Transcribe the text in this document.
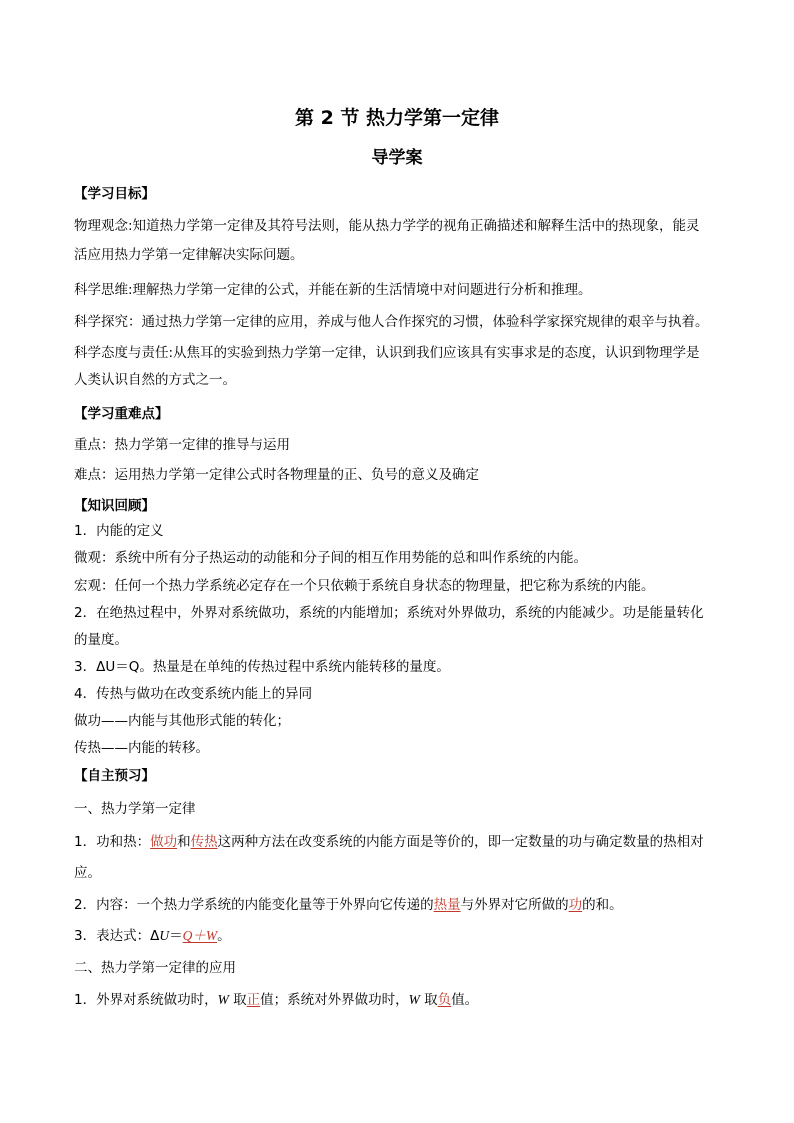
第 2 节 热力学第一定律
导学案
【学习目标】
物理观念:知道热力学第一定律及其符号法则，能从热力学学的视角正确描述和解释生活中的热现象，能灵
活应用热力学第一定律解决实际问题。
科学思维:理解热力学第一定律的公式，并能在新的生活情境中对问题进行分析和推理。
科学探究：通过热力学第一定律的应用，养成与他人合作探究的习惯，体验科学家探究规律的艰辛与执着。
科学态度与责任:从焦耳的实验到热力学第一定律，认识到我们应该具有实事求是的态度，认识到物理学是
人类认识自然的方式之一。
【学习重难点】
重点：热力学第一定律的推导与运用
难点：运用热力学第一定律公式时各物理量的正、负号的意义及确定
【知识回顾】
1．内能的定义
微观：系统中所有分子热运动的动能和分子间的相互作用势能的总和叫作系统的内能。
宏观：任何一个热力学系统必定存在一个只依赖于系统自身状态的物理量，把它称为系统的内能。
2．在绝热过程中，外界对系统做功，系统的内能增加；系统对外界做功，系统的内能减少。功是能量转化
的量度。
3．ΔU＝Q。热量是在单纯的传热过程中系统内能转移的量度。
4．传热与做功在改变系统内能上的异同
做功——内能与其他形式能的转化；
传热——内能的转移。
【自主预习】
一、热力学第一定律
1．功和热：做功和传热这两种方法在改变系统的内能方面是等价的，即一定数量的功与确定数量的热相对
应。
2．内容：一个热力学系统的内能变化量等于外界向它传递的热量与外界对它所做的功的和。
3．表达式：ΔU＝Q＋W。
二、热力学第一定律的应用
1．外界对系统做功时，W 取正值；系统对外界做功时，W 取负值。
